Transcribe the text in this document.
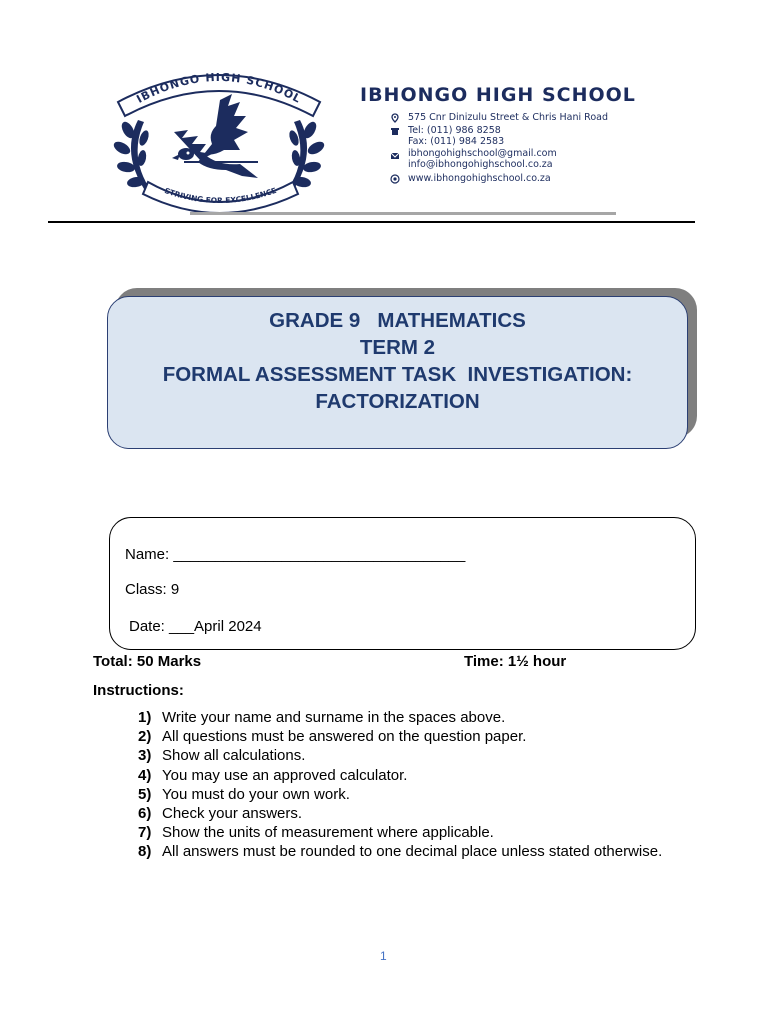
IBHONGO HIGH SCHOOL
STRIVING FOR EXCELLENCE
IBHONGO HIGH SCHOOL
575 Cnr Dinizulu Street & Chris Hani Road
Tel: (011) 986 8258
Fax: (011) 984 2583
ibhongohighschool@gmail.com
info@ibhongohighschool.co.za
www.ibhongohighschool.co.za
GRADE 9   MATHEMATICS
TERM 2
FORMAL ASSESSMENT TASK  INVESTIGATION:
FACTORIZATION
Name: ___________________________________
Class: 9
Date: ___April 2024
Total: 50 Marks	Time: 1½ hour
Instructions:
1) Write your name and surname in the spaces above.
2) All questions must be answered on the question paper.
3) Show all calculations.
4) You may use an approved calculator.
5) You must do your own work.
6) Check your answers.
7) Show the units of measurement where applicable.
8) All answers must be rounded to one decimal place unless stated otherwise.
1
